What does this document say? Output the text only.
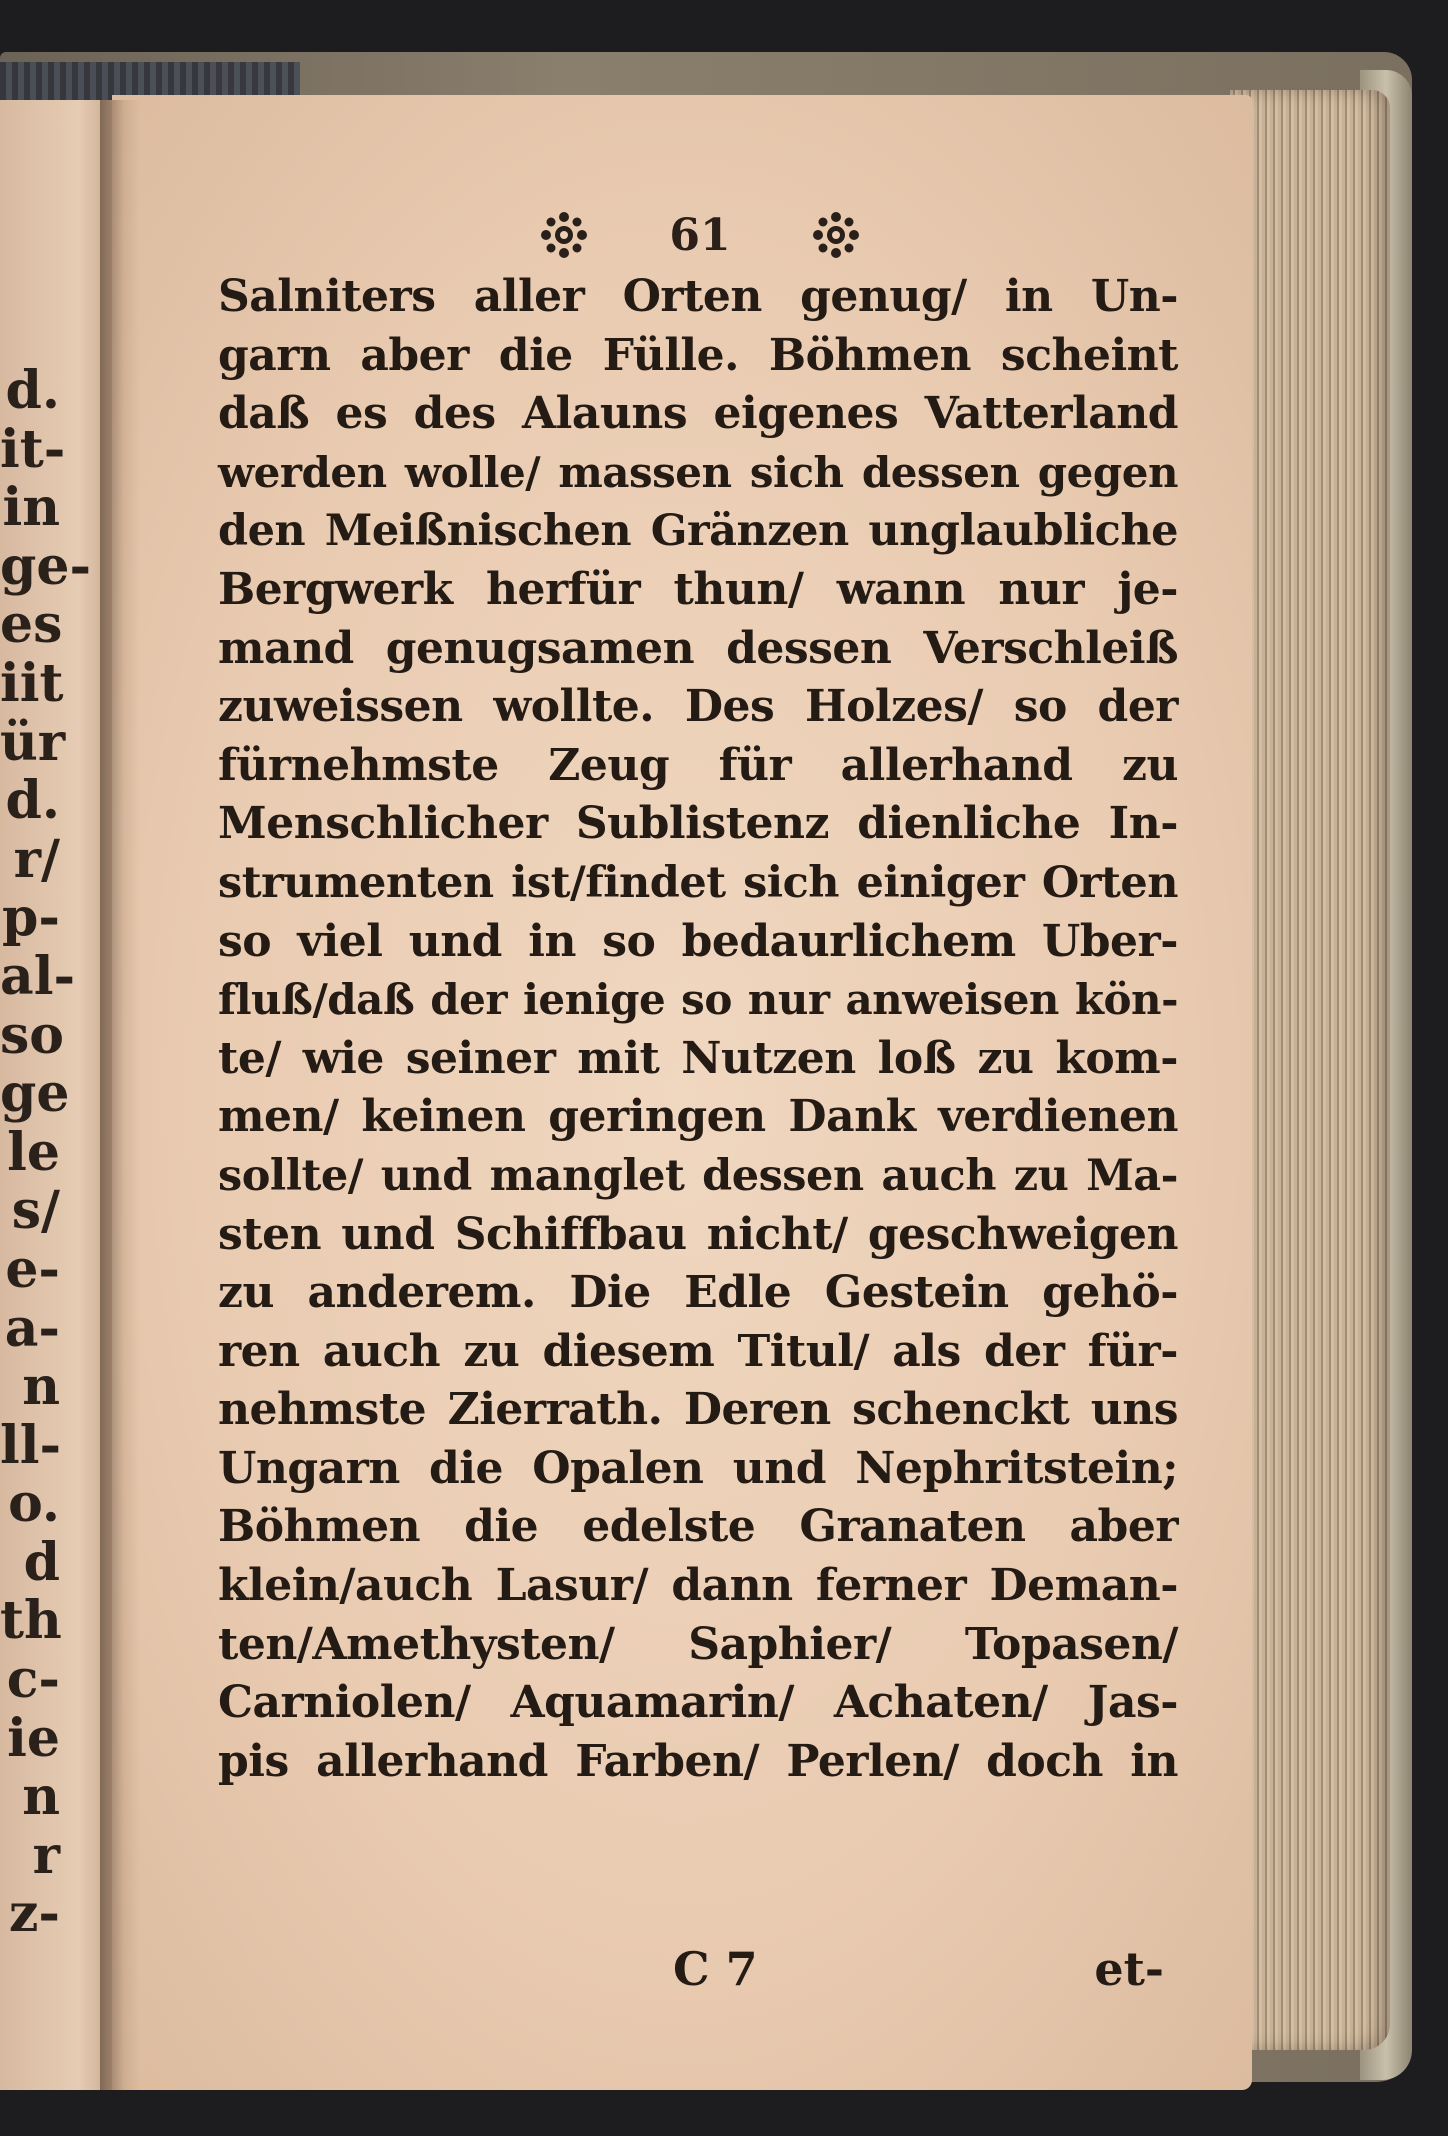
d.
it-
in
ge-
es
iit
ür
d.
r/
p-
al-
so
ge
le
s/
e-
a-
n
ll-
o.
d
th
c-
ie
n
r
z-
61
Salniters aller Orten genug/ in Un-
garn aber die Fülle. Böhmen scheint
daß es des Alauns eigenes Vatterland
werden wolle/ massen sich dessen gegen
den Meißnischen Gränzen unglaubliche
Bergwerk herfür thun/ wann nur je-
mand genugsamen dessen Verschleiß
zuweissen wollte. Des Holzes/ so der
fürnehmste Zeug für allerhand zu
Menschlicher Sublistenz dienliche In-
strumenten ist/findet sich einiger Orten
so viel und in so bedaurlichem Uber-
fluß/daß der ienige so nur anweisen kön-
te/ wie seiner mit Nutzen loß zu kom-
men/ keinen geringen Dank verdienen
sollte/ und manglet dessen auch zu Ma-
sten und Schiffbau nicht/ geschweigen
zu anderem. Die Edle Gestein gehö-
ren auch zu diesem Titul/ als der für-
nehmste Zierrath. Deren schenckt uns
Ungarn die Opalen und Nephritstein;
Böhmen die edelste Granaten aber
klein/auch Lasur/ dann ferner Deman-
ten/Amethysten/ Saphier/ Topasen/
Carniolen/ Aquamarin/ Achaten/ Jas-
pis allerhand Farben/ Perlen/ doch in
C 7	et-
